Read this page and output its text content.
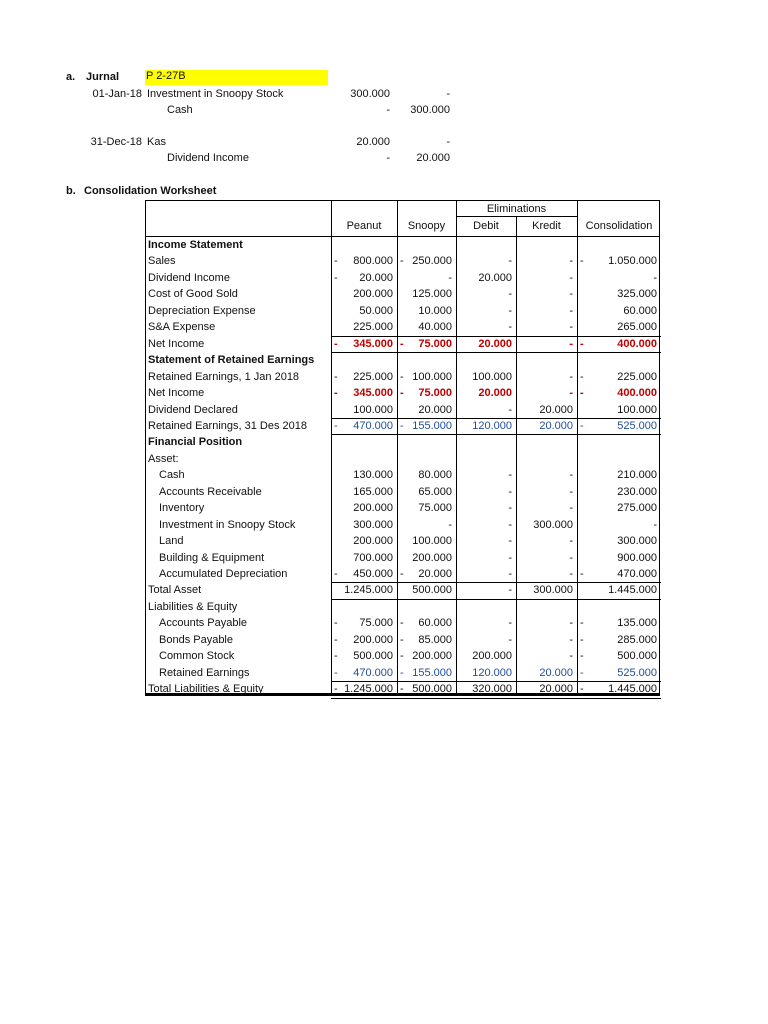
a. Jurnal P 2-27B
01-Jan-18 Investment in Snoopy Stock	300.000	-
Cash	-	300.000
31-Dec-18 Kas	20.000	-
Dividend Income	-	20.000
b. Consolidation Worksheet
Eliminations
Peanut	Snoopy	Debit	Kredit	Consolidation
Income Statement
Sales	800.000	250.000	-	-	1.050.000
-	-	-
Dividend Income	20.000	-	20.000	-	-
-
Cost of Good Sold	200.000	125.000	-	-	325.000
Depreciation Expense	50.000	10.000	-	-	60.000
S&A Expense	225.000	40.000	-	-	265.000
Net Income	345.000	75.000	20.000	-	400.000
-	-	-
Statement of Retained Earnings
Retained Earnings, 1 Jan 2018	225.000	100.000	100.000	-	225.000
-	-	-
Net Income	345.000	75.000	20.000	-	400.000
-	-	-
Dividend Declared	100.000	20.000	-	20.000	100.000
Retained Earnings, 31 Des 2018	470.000	155.000	120.000	20.000	525.000
-	-	-
Financial Position
Asset:
Cash	130.000	80.000	-	-	210.000
Accounts Receivable	165.000	65.000	-	-	230.000
Inventory	200.000	75.000	-	-	275.000
Investment in Snoopy Stock	300.000	-	-	300.000	-
Land	200.000	100.000	-	-	300.000
Building & Equipment	700.000	200.000	-	-	900.000
Accumulated Depreciation	450.000	20.000	-	-	470.000
-	-	-
Total Asset	1.245.000	500.000	-	300.000	1.445.000
Liabilities & Equity
Accounts Payable	75.000	60.000	-	-	135.000
-	-	-
Bonds Payable	200.000	85.000	-	-	285.000
-	-	-
Common Stock	500.000	200.000	200.000	-	500.000
-	-	-
Retained Earnings	470.000	155.000	120.000	20.000	525.000
-	-	-
Total Liabilities & Equity	1.245.000	500.000	320.000	20.000	1.445.000
-	-	-
